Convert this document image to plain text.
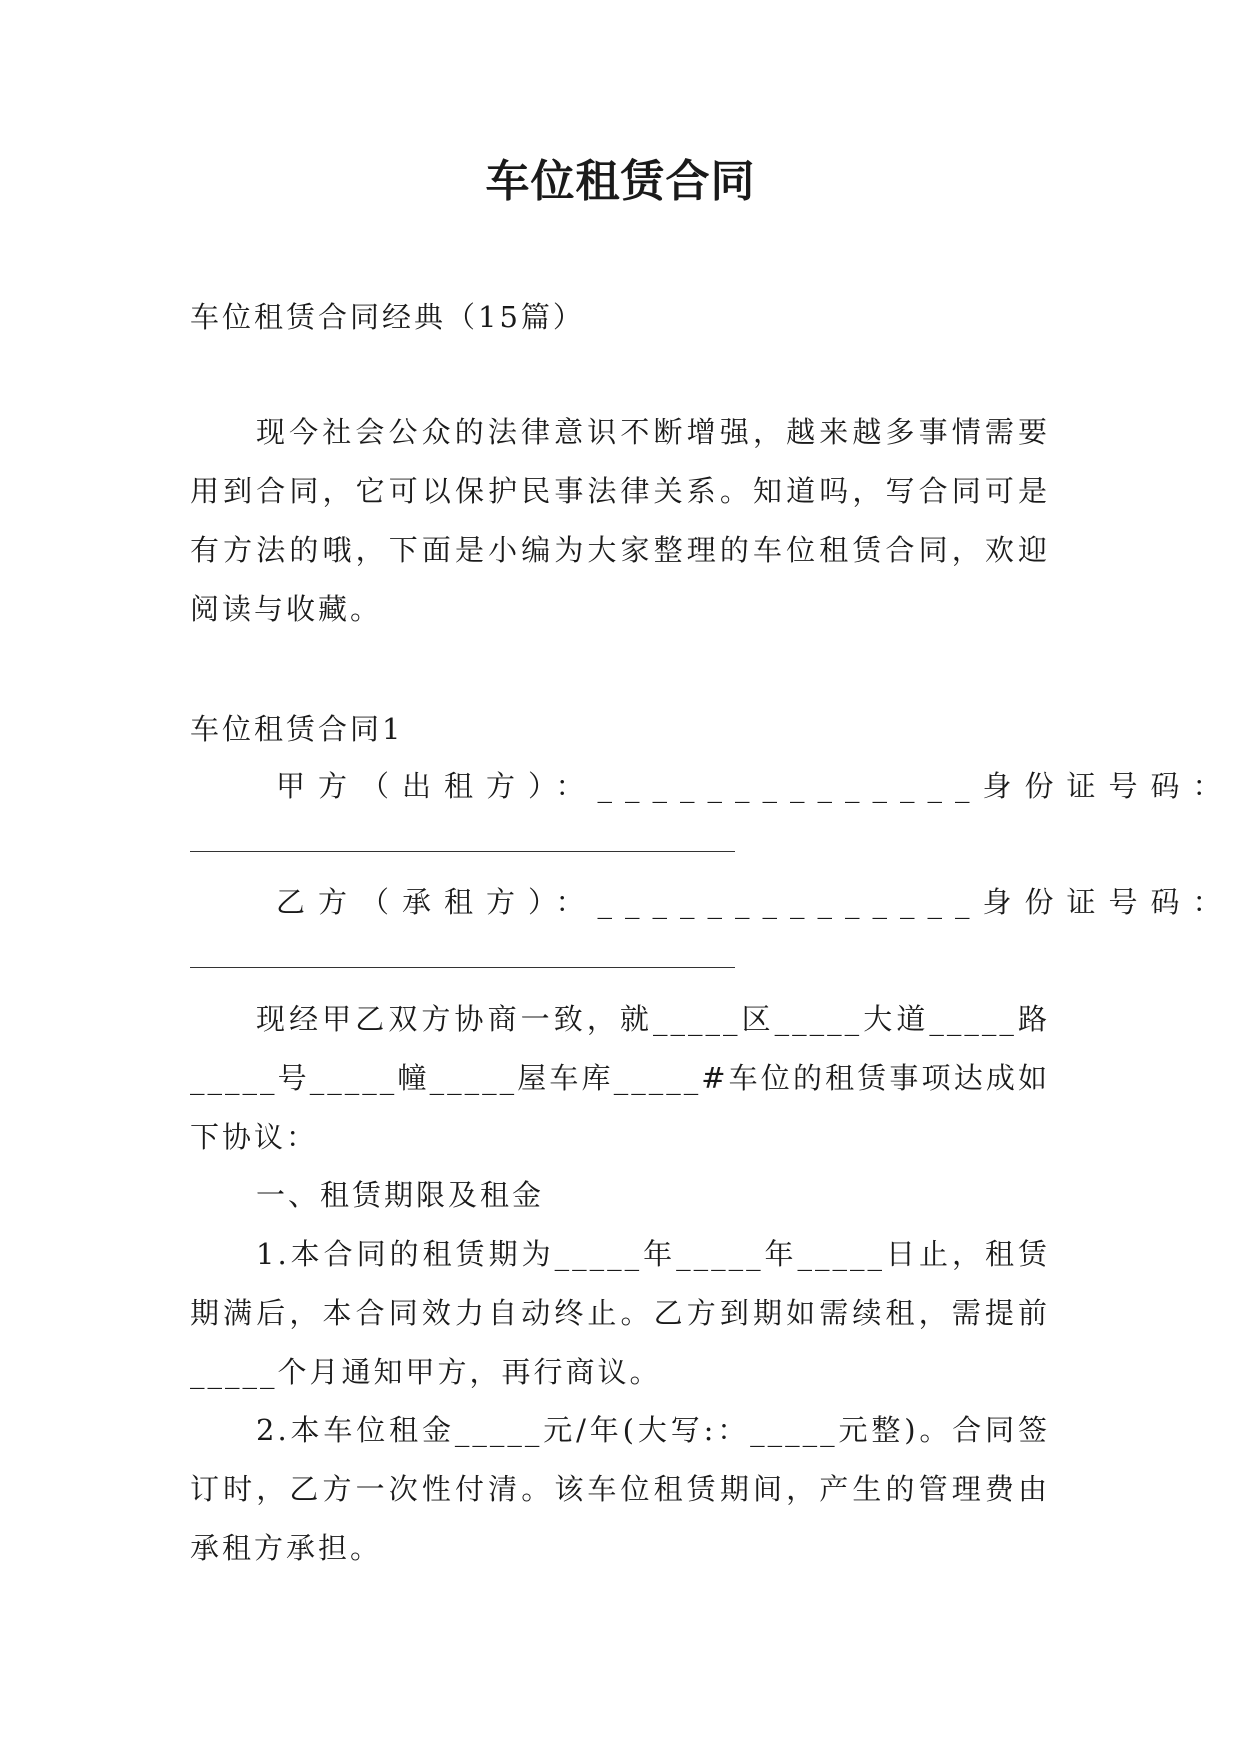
车位租赁合同
车位租赁合同经典（15篇）
现今社会公众的法律意识不断增强，越来越多事情需要用到合同，它可以保护民事法律关系。知道吗，写合同可是有方法的哦，下面是小编为大家整理的车位租赁合同，欢迎阅读与收藏。
车位租赁合同1
甲方（出租方）：______________身份证号码：
乙方（承租方）：______________身份证号码：
现经甲乙双方协商一致，就_____区_____大道_____路_____号_____幢_____屋车库_____#车位的租赁事项达成如下协议：
一、租赁期限及租金
1.本合同的租赁期为_____年_____年_____日止，租赁期满后，本合同效力自动终止。乙方到期如需续租，需提前_____个月通知甲方，再行商议。
2.本车位租金_____元/年(大写:：_____元整)。合同签订时，乙方一次性付清。该车位租赁期间，产生的管理费由承租方承担。
